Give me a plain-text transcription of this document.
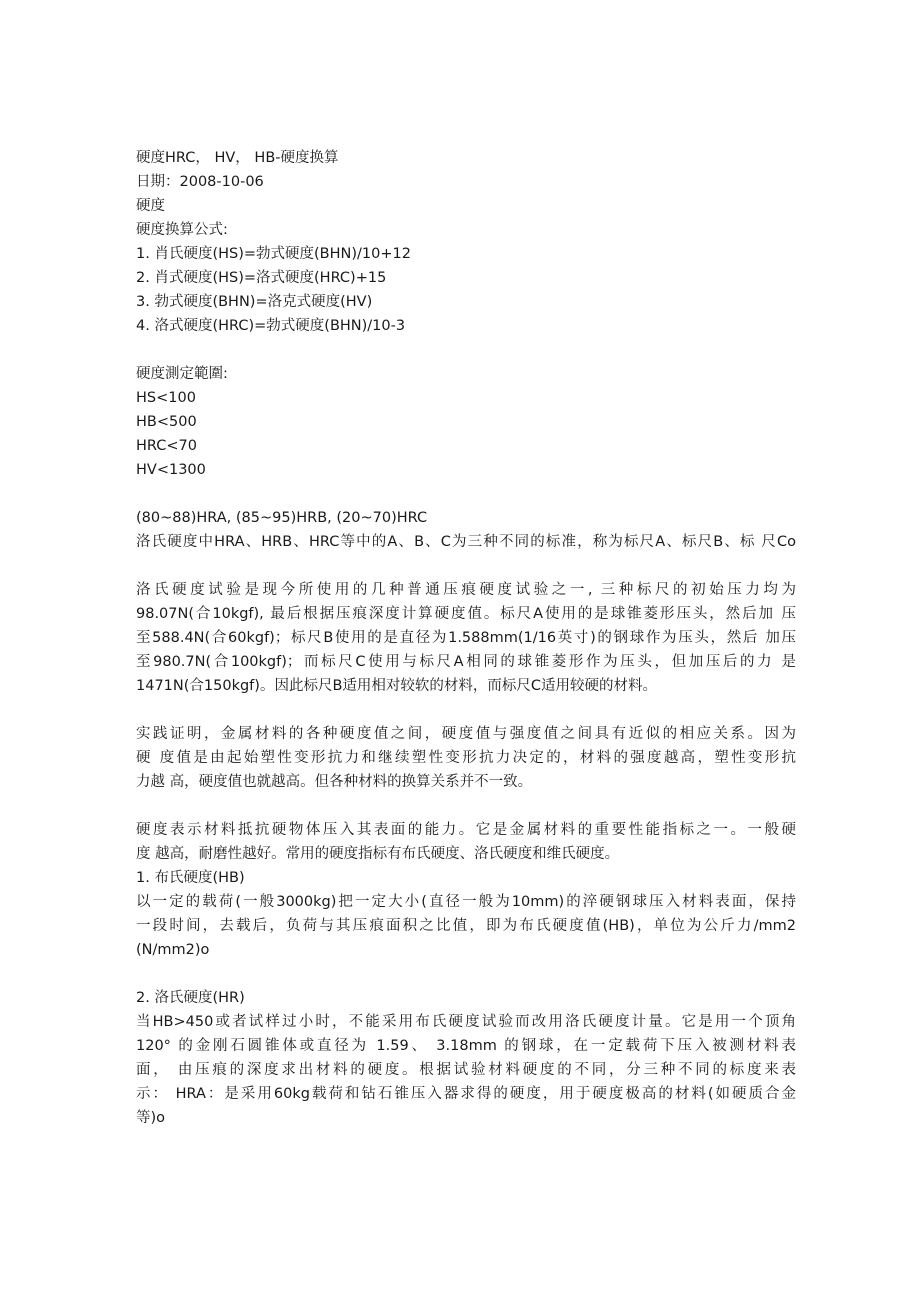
硬度HRC， HV， HB-硬度换算
日期：2008-10-06
硬度
硬度换算公式:
1. 肖氏硬度(HS)=勃式硬度(BHN)/10+12
2. 肖式硬度(HS)=洛式硬度(HRC)+15
3. 勃式硬度(BHN)=洛克式硬度(HV)
4. 洛式硬度(HRC)=勃式硬度(BHN)/10-3
硬度測定範圍:
HS<100
HB<500
HRC<70
HV<1300
(80~88)HRA, (85~95)HRB, (20~70)HRC
洛氏硬度中HRA、HRB、HRC等中的A、B、C为三种不同的标准，称为标尺A、标尺B、标 尺Co
洛氏硬度试验是现今所使用的几种普通压痕硬度试验之一, 三种标尺的初始压力均为
98.07N(合10kgf), 最后根据压痕深度计算硬度值。标尺A使用的是球锥菱形压头，然后加 压
至588.4N(合60kgf)；标尺B使用的是直径为1.588mm(1/16英寸)的钢球作为压头，然后 加压
至980.7N(合100kgf)；而标尺C使用与标尺A相同的球锥菱形作为压头，但加压后的力 是
1471N(合150kgf)。因此标尺B适用相对较软的材料，而标尺C适用较硬的材料。
实践证明，金属材料的各种硬度值之间，硬度值与强度值之间具有近似的相应关系。因为
硬 度值是由起始塑性变形抗力和继续塑性变形抗力决定的，材料的强度越高，塑性变形抗
力越 高，硬度值也就越高。但各种材料的换算关系并不一致。
硬度表示材料抵抗硬物体压入其表面的能力。它是金属材料的重要性能指标之一。一般硬
度 越高，耐磨性越好。常用的硬度指标有布氏硬度、洛氏硬度和维氏硬度。
1. 布氏硬度(HB)
以一定的载荷(一般3000kg)把一定大小(直径一般为10mm)的淬硬钢球压入材料表面，保持
一段时间，去载后，负荷与其压痕面积之比值，即为布氏硬度值(HB)，单位为公斤力/mm2
(N/mm2)o
2. 洛氏硬度(HR)
当HB>450或者试样过小时，不能采用布氏硬度试验而改用洛氏硬度计量。它是用一个顶角
120° 的金刚石圆锥体或直径为 1.59、 3.18mm 的钢球，在一定载荷下压入被测材料表
面， 由压痕的深度求出材料的硬度。根据试验材料硬度的不同，分三种不同的标度来表
示： HRA：是采用60kg载荷和钻石锥压入器求得的硬度，用于硬度极高的材料(如硬质合金
等)o
